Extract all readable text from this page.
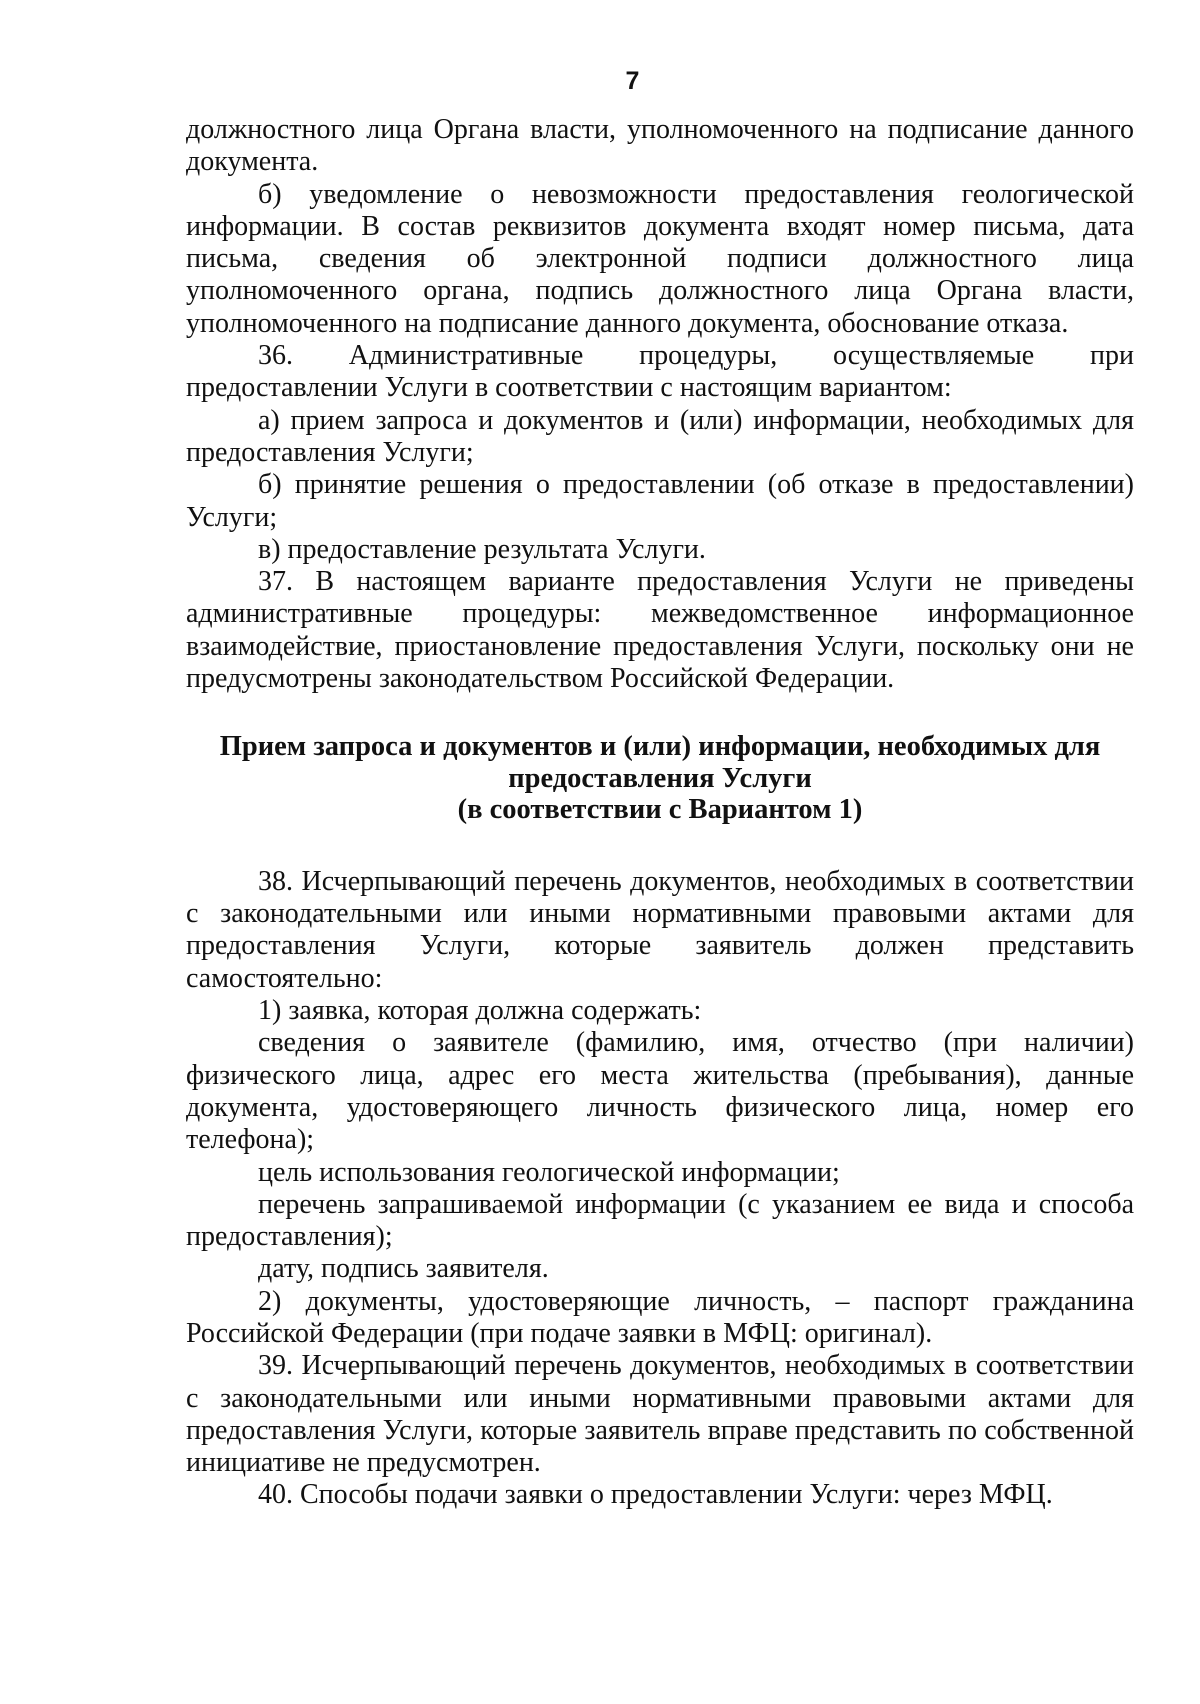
7

должностного лица Органа власти, уполномоченного на подписание данного документа.

б) уведомление о невозможности предоставления геологической информации. В состав реквизитов документа входят номер письма, дата письма, сведения об электронной подписи должностного лица уполномоченного органа, подпись должностного лица Органа власти, уполномоченного на подписание данного документа, обоснование отказа.

36. Административные процедуры, осуществляемые при предоставлении Услуги в соответствии с настоящим вариантом:

а) прием запроса и документов и (или) информации, необходимых для предоставления Услуги;

б) принятие решения о предоставлении (об отказе в предоставлении) Услуги;

в) предоставление результата Услуги.

37. В настоящем варианте предоставления Услуги не приведены административные процедуры: межведомственное информационное взаимодействие, приостановление предоставления Услуги, поскольку они не предусмотрены законодательством Российской Федерации.

Прием запроса и документов и (или) информации, необходимых для
предоставления Услуги
(в соответствии с Вариантом 1)

38. Исчерпывающий перечень документов, необходимых в соответствии с законодательными или иными нормативными правовыми актами для предоставления Услуги, которые заявитель должен представить самостоятельно:

1) заявка, которая должна содержать:

сведения о заявителе (фамилию, имя, отчество (при наличии) физического лица, адрес его места жительства (пребывания), данные документа, удостоверяющего личность физического лица, номер его телефона);

цель использования геологической информации;

перечень запрашиваемой информации (с указанием ее вида и способа предоставления);

дату, подпись заявителя.

2) документы, удостоверяющие личность, – паспорт гражданина Российской Федерации (при подаче заявки в МФЦ: оригинал).

39. Исчерпывающий перечень документов, необходимых в соответствии с законодательными или иными нормативными правовыми актами для предоставления Услуги, которые заявитель вправе представить по собственной инициативе не предусмотрен.

40. Способы подачи заявки о предоставлении Услуги: через МФЦ.
